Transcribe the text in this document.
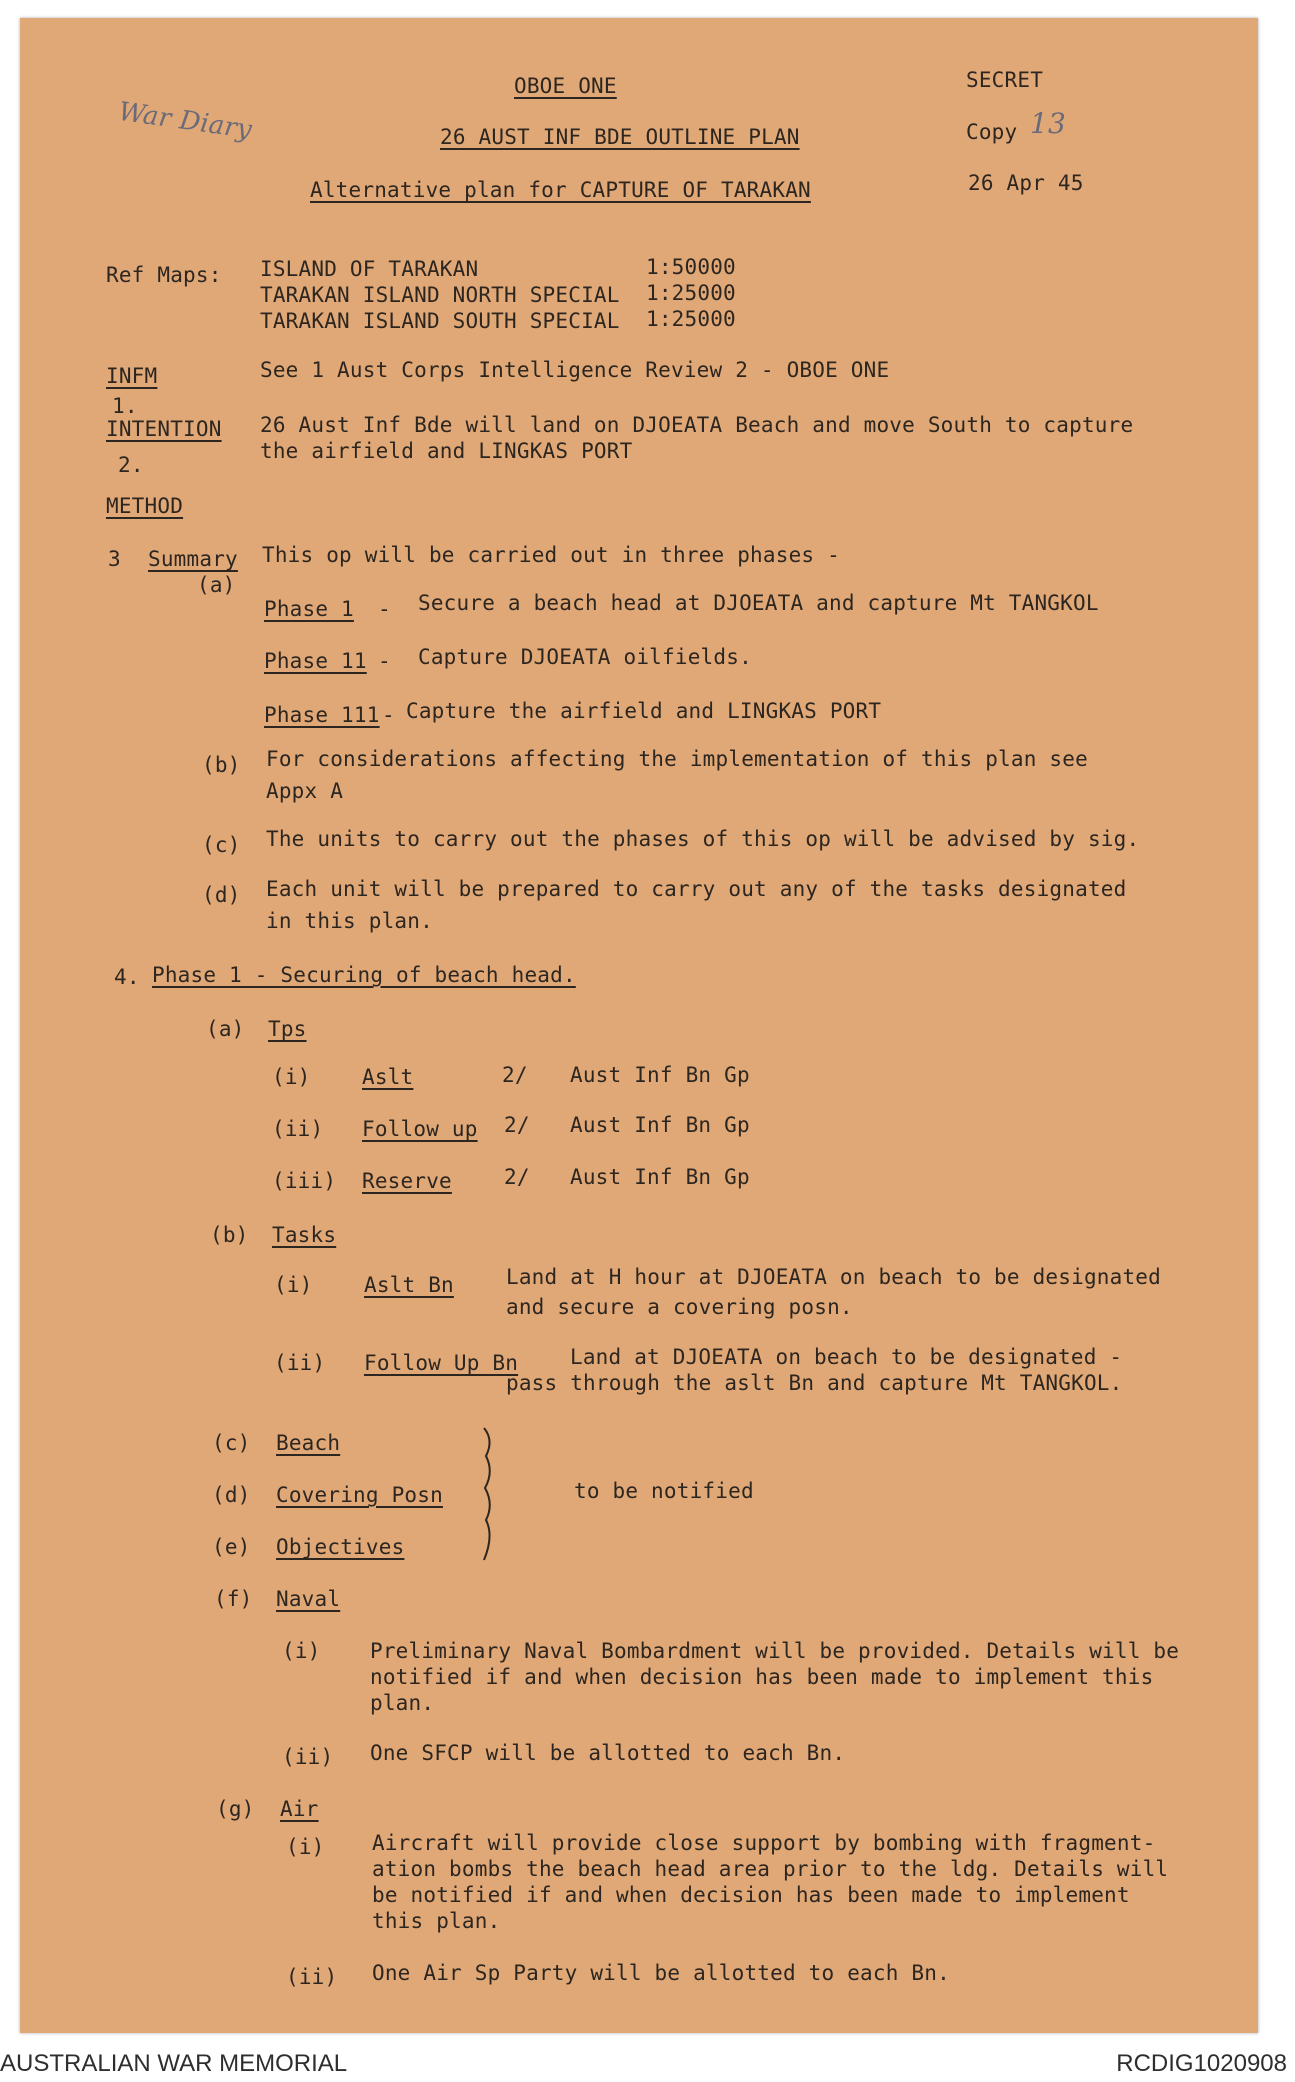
War Diary
OBOE ONE
26 AUST INF BDE OUTLINE PLAN
Alternative plan for CAPTURE OF TARAKAN
SECRET
Copy 13
26 Apr 45
Ref Maps: ISLAND OF TARAKAN	1:50000
TARAKAN ISLAND NORTH SPECIAL 1:25000
TARAKAN ISLAND SOUTH SPECIAL 1:25000
INFM	See 1 Aust Corps Intelligence Review 2 - OBOE ONE
1.
INTENTION 26 Aust Inf Bde will land on DJOEATA Beach and move South to capture
the airfield and LINGKAS PORT
2.
METHOD
3 Summary
(a)
This op will be carried out in three phases -
Phase 1 - Secure a beach head at DJOEATA and capture Mt TANGKOL
Phase 11 - Capture DJOEATA oilfields.
Phase 111 - Capture the airfield and LINGKAS PORT
(b) For considerations affecting the implementation of this plan see
Appx A
(c) The units to carry out the phases of this op will be advised by sig.
(d) Each unit will be prepared to carry out any of the tasks designated
in this plan.
4. Phase 1 - Securing of beach head.
(a) Tps
(i) Aslt	2/ Aust Inf Bn Gp
(ii) Follow up 2/ Aust Inf Bn Gp
(iii) Reserve 2/ Aust Inf Bn Gp
(b) Tasks
(i) Aslt Bn Land at H hour at DJOEATA on beach to be designated
and secure a covering posn.
(ii) Follow Up Bn Land at DJOEATA on beach to be designated -
pass through the aslt Bn and capture Mt TANGKOL.
(c) Beach
(d) Covering Posn
(e) Objectives
to be notified
(f) Naval
(i) Preliminary Naval Bombardment will be provided. Details will be
notified if and when decision has been made to implement this
plan.
(ii) One SFCP will be allotted to each Bn.
(g) Air
(i) Aircraft will provide close support by bombing with fragment-
ation bombs the beach head area prior to the ldg. Details will
be notified if and when decision has been made to implement
this plan.
(ii) One Air Sp Party will be allotted to each Bn.
AUSTRALIAN WAR MEMORIAL	RCDIG1020908
